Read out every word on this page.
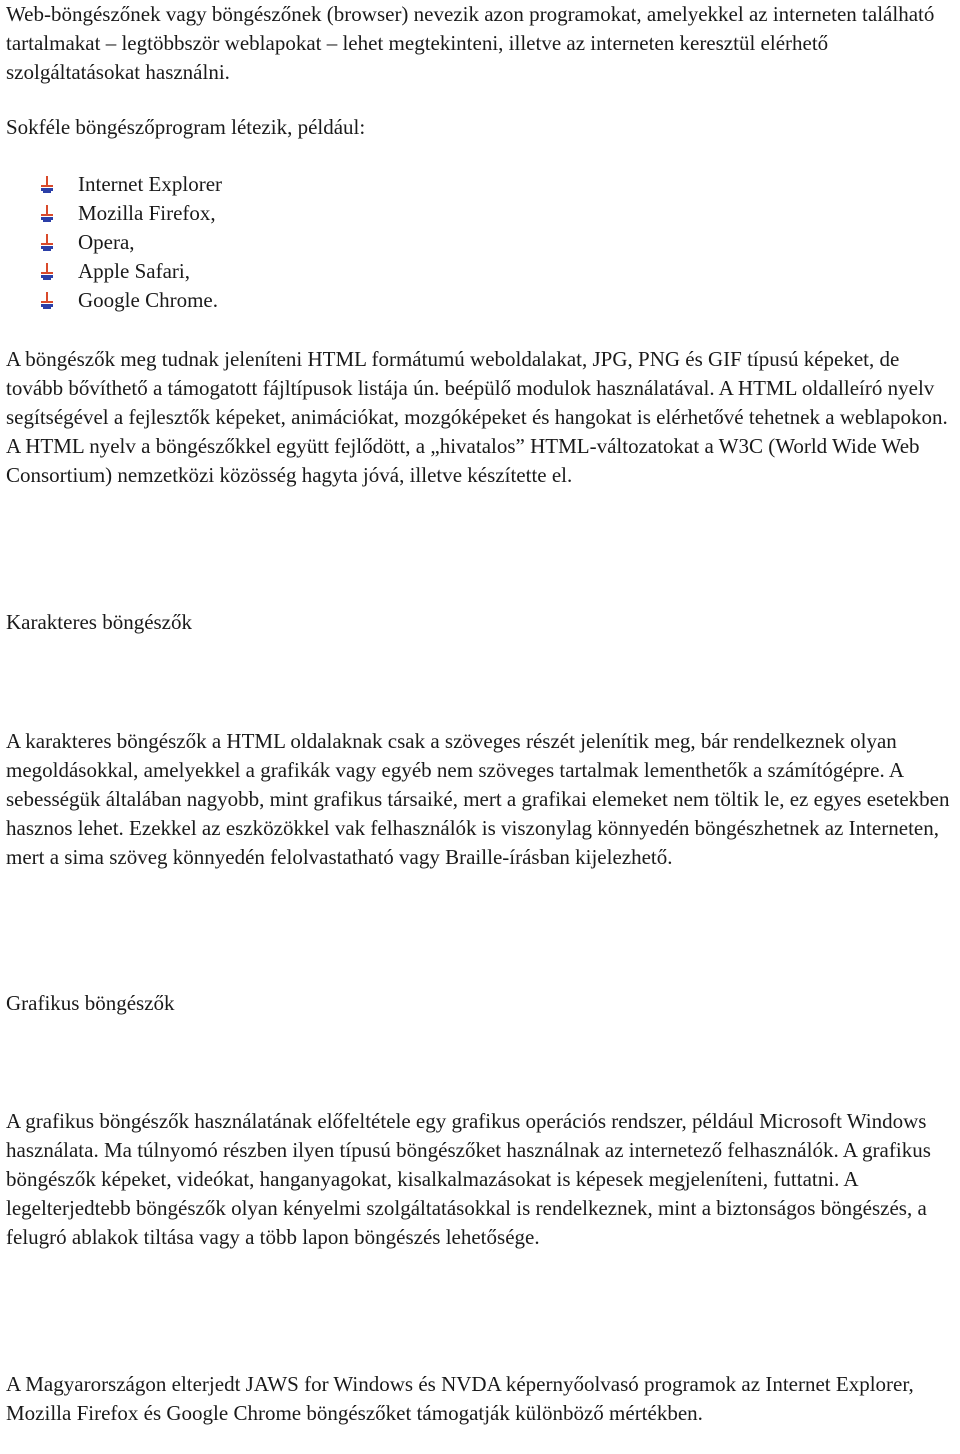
Web-böngészőnek vagy böngészőnek (browser) nevezik azon programokat, amelyekkel az interneten található tartalmakat – legtöbbször weblapokat – lehet megtekinteni, illetve az interneten keresztül elérhető szolgáltatásokat használni.

Sokféle böngészőprogram létezik, például:

Internet Explorer
Mozilla Firefox,
Opera,
Apple Safari,
Google Chrome.

A böngészők meg tudnak jeleníteni HTML formátumú weboldalakat, JPG, PNG és GIF típusú képeket, de tovább bővíthető a támogatott fájltípusok listája ún. beépülő modulok használatával. A HTML oldalleíró nyelv segítségével a fejlesztők képeket, animációkat, mozgóképeket és hangokat is elérhetővé tehetnek a weblapokon. A HTML nyelv a böngészőkkel együtt fejlődött, a „hivatalos” HTML-változatokat a W3C (World Wide Web Consortium) nemzetközi közösség hagyta jóvá, illetve készítette el.

Karakteres böngészők

A karakteres böngészők a HTML oldalaknak csak a szöveges részét jelenítik meg, bár rendelkeznek olyan megoldásokkal, amelyekkel a grafikák vagy egyéb nem szöveges tartalmak lementhetők a számítógépre. A sebességük általában nagyobb, mint grafikus társaiké, mert a grafikai elemeket nem töltik le, ez egyes esetekben hasznos lehet. Ezekkel az eszközökkel vak felhasználók is viszonylag könnyedén böngészhetnek az Interneten, mert a sima szöveg könnyedén felolvastatható vagy Braille-írásban kijelezhető.

Grafikus böngészők

A grafikus böngészők használatának előfeltétele egy grafikus operációs rendszer, például Microsoft Windows használata. Ma túlnyomó részben ilyen típusú böngészőket használnak az internetező felhasználók. A grafikus böngészők képeket, videókat, hanganyagokat, kisalkalmazásokat is képesek megjeleníteni, futtatni. A legelterjedtebb böngészők olyan kényelmi szolgáltatásokkal is rendelkeznek, mint a biztonságos böngészés, a felugró ablakok tiltása vagy a több lapon böngészés lehetősége.

A Magyarországon elterjedt JAWS for Windows és NVDA képernyőolvasó programok az Internet Explorer, Mozilla Firefox és Google Chrome böngészőket támogatják különböző mértékben.
